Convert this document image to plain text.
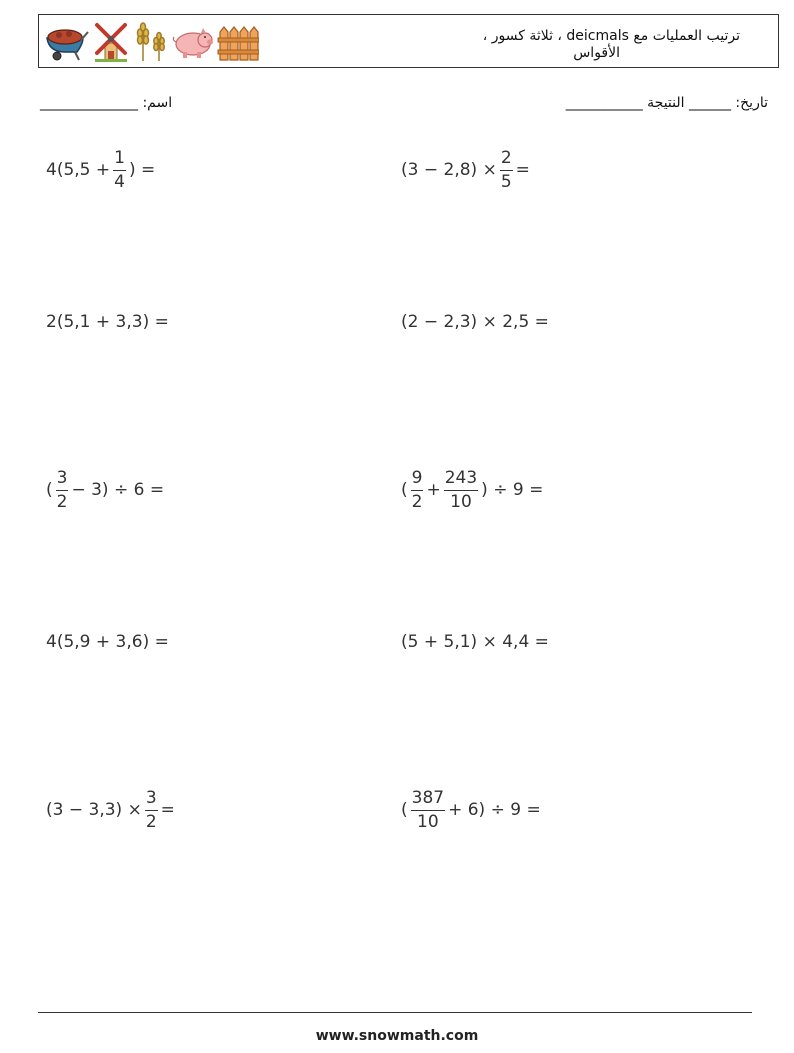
ترتيب العمليات مع deicmals ، ثلاثة كسور ،
الأقواس
اسم: ______________	تاريخ: ______ النتيجة ___________
$4(5,5 + \frac{1}{4}$ ) =	$(3 - 2,8) \times \frac{2}{5}$ =
2(5,1 + 3,3) =	(2 − 2,3) × 2,5 =
( $\frac{3}{2} - 3) \div 6$ =	( $\frac{9}{2} + \frac{243}{10}$ ) ÷ 9 =
4(5,9 + 3,6) =	(5 + 5,1) × 4,4 =
$(3 - 3,3) \times \frac{3}{2}$ =	( $\frac{387}{10} + 6) \div 9$ =
www.snowmath.com
